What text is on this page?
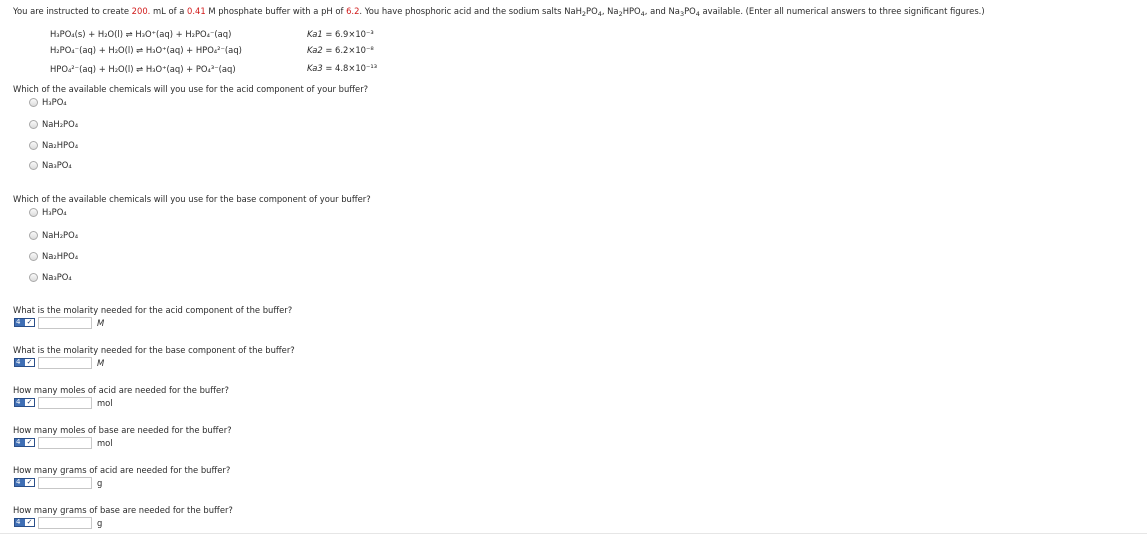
You are instructed to create 200. mL of a 0.41 M phosphate buffer with a pH of 6.2. You have phosphoric acid and the sodium salts $NaH_2PO_4$, $Na_2HPO_4$, and $Na_3PO_4$ available. (Enter all numerical answers to three significant figures.)
H₃PO₄(s) + H₂O(l) ⇌ H₃O⁺(aq) + H₂PO₄⁻(aq)	Ka1 = 6.9×10⁻³
H₂PO₄⁻(aq) + H₂O(l) ⇌ H₃O⁺(aq) + HPO₄²⁻(aq)	Ka2 = 6.2×10⁻⁸
HPO₄²⁻(aq) + H₂O(l) ⇌ H₃O⁺(aq) + PO₄³⁻(aq)	Ka3 = 4.8×10⁻¹³
Which of the available chemicals will you use for the acid component of your buffer?
H₃PO₄
NaH₂PO₄
Na₂HPO₄
Na₃PO₄
Which of the available chemicals will you use for the base component of your buffer?
H₃PO₄
NaH₂PO₄
Na₂HPO₄
Na₃PO₄
What is the molarity needed for the acid component of the buffer?
4 ✓	M
What is the molarity needed for the base component of the buffer?
4 ✓	M
How many moles of acid are needed for the buffer?
4 ✓	mol
How many moles of base are needed for the buffer?
4 ✓	mol
How many grams of acid are needed for the buffer?
4 ✓	g
How many grams of base are needed for the buffer?
4 ✓	g
